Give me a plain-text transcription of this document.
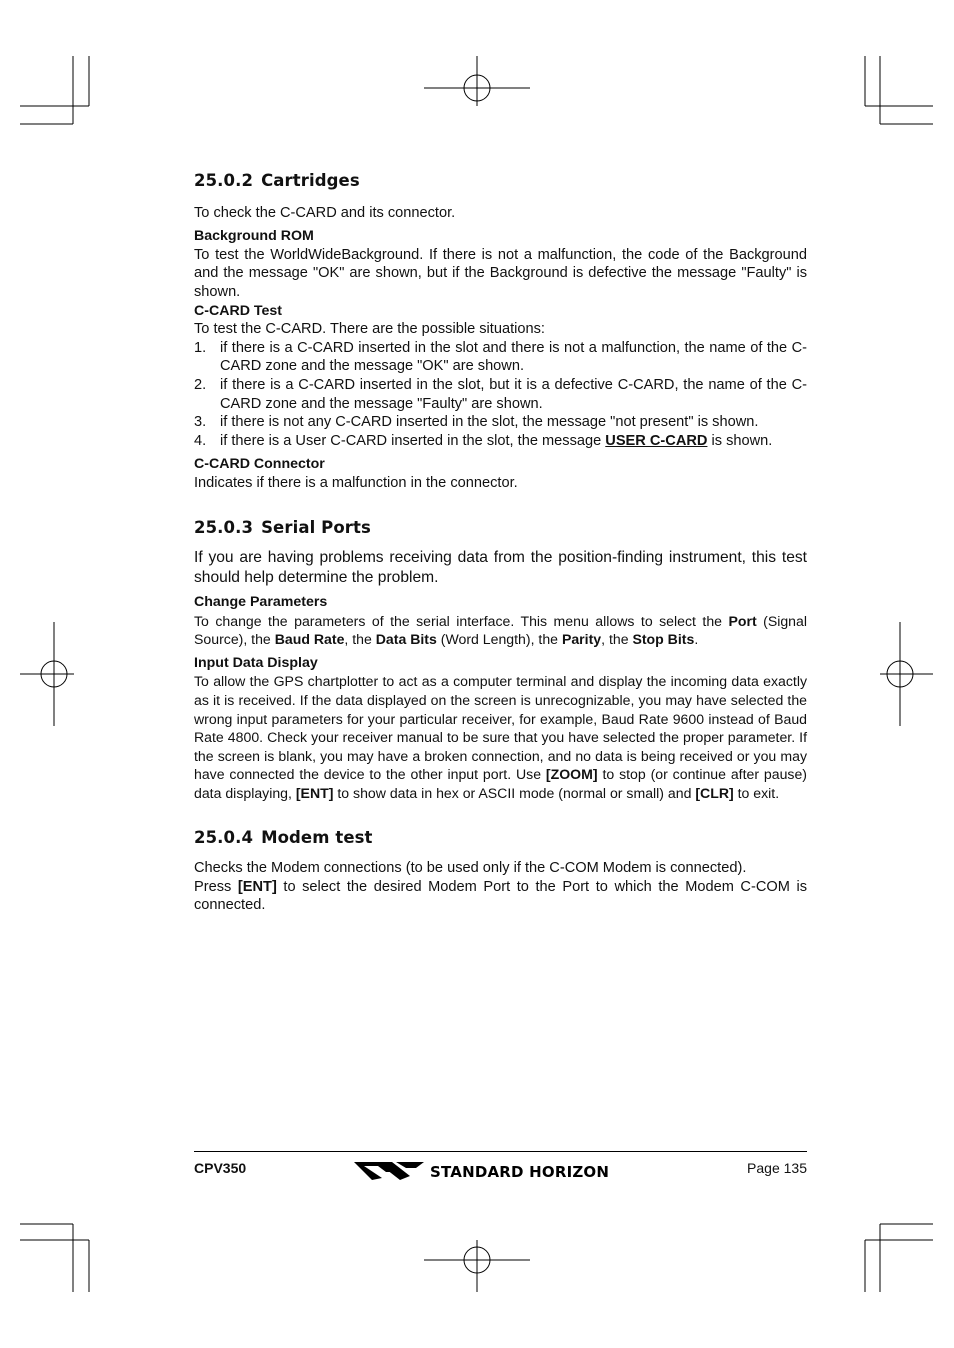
25.0.2 Cartridges

To check the C-CARD and its connector.

Background ROM

To test the WorldWideBackground. If there is not a malfunction, the code of the Background and the message "OK" are shown, but if the Background is defective the message "Faulty" is shown.

C-CARD Test

To test the C-CARD. There are the possible situations:

1. if there is a C-CARD inserted in the slot and there is not a malfunction, the name of the C-CARD zone and the message "OK" are shown.
2. if there is a C-CARD inserted in the slot, but it is a defective C-CARD, the name of the C-CARD zone and the message "Faulty" are shown.
3. if there is not any C-CARD inserted in the slot, the message "not present" is shown.
4. if there is a User C-CARD inserted in the slot, the message USER C-CARD is shown.
C-CARD Connector

Indicates if there is a malfunction in the connector.

25.0.3 Serial Ports

If you are having problems receiving data from the position-finding instrument, this test should help determine the problem.

Change Parameters

To change the parameters of the serial interface. This menu allows to select the Port (Signal Source), the Baud Rate, the Data Bits (Word Length), the Parity, the Stop Bits.

Input Data Display

To allow the GPS chartplotter to act as a computer terminal and display the incoming data exactly as it is received. If the data displayed on the screen is unrecognizable, you may have selected the wrong input parameters for your particular receiver, for example, Baud Rate 9600 instead of Baud Rate 4800. Check your receiver manual to be sure that you have selected the proper parameter. If the screen is blank, you may have a broken connection, and no data is being received or you may have connected the device to the other input port. Use [ZOOM] to stop (or continue after pause) data displaying, [ENT] to show data in hex or ASCII mode (normal or small) and [CLR] to exit.

25.0.4 Modem test

Checks the Modem connections (to be used only if the C-COM Modem is connected).

Press [ENT] to select the desired Modem Port to the Port to which the Modem C-COM is connected.

CPV350	STANDARD HORIZON	Page 135
